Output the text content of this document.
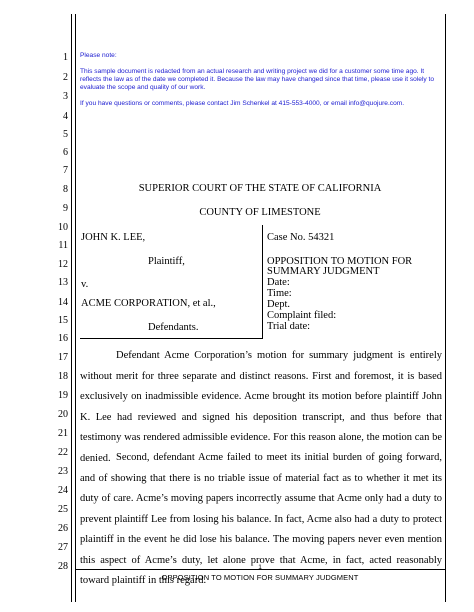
1
2
3
4
5
6
7
8
9
10
11
12
13
14
15
16
17
18
19
20
21
22
23
24
25
26
27
28
Please note:
This sample document is redacted from an actual research and writing project we did for a customer some time ago. It reflects the law as of the date we completed it. Because the law may have changed since that time, please use it solely to evaluate the scope and quality of our work.
If you have questions or comments, please contact Jim Schenkel at 415-553-4000, or email info@quojure.com.
SUPERIOR COURT OF THE STATE OF CALIFORNIA
COUNTY OF LIMESTONE
JOHN K. LEE,
Plaintiff,
v.
ACME CORPORATION, et al.,
Defendants.
Case No. 54321
OPPOSITION TO MOTION FOR
SUMMARY JUDGMENT
Date:
Time:
Dept.
Complaint filed:
Trial date:
Defendant Acme Corporation’s motion for summary judgment is entirely without merit for three separate and distinct reasons. First and foremost, it is based exclusively on inadmissible evidence. Acme brought its motion before plaintiff John K. Lee had reviewed and signed his deposition transcript, and thus before that testimony was rendered admissible evidence. For this reason alone, the motion can be denied. Second, defendant Acme failed to meet its initial burden of going forward, and of showing that there is no triable issue of material fact as to whether it met its duty of care. Acme’s moving papers incorrectly assume that Acme only had a duty to prevent plaintiff Lee from losing his balance. In fact, Acme also had a duty to protect plaintiff in the event he did lose his balance. The moving papers never even mention this aspect of Acme’s duty, let alone prove that Acme, in fact, acted reasonably toward plaintiff in this regard.
1
OPPOSITION TO MOTION FOR SUMMARY JUDGMENT
